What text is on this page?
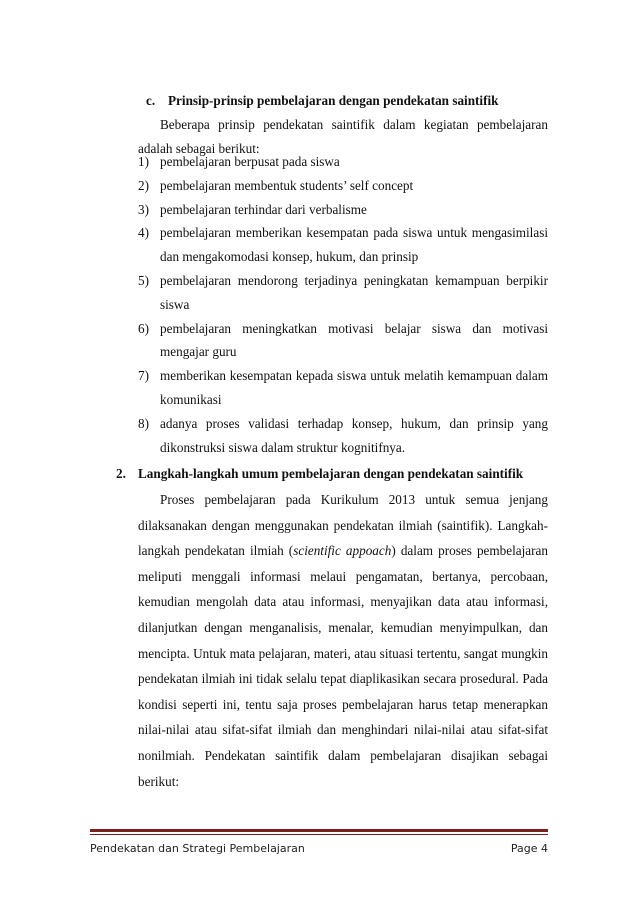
c. Prinsip-prinsip pembelajaran dengan pendekatan saintifik
Beberapa prinsip pendekatan saintifik dalam kegiatan pembelajaran adalah sebagai berikut:
1) pembelajaran berpusat pada siswa
2) pembelajaran membentuk students’ self concept
3) pembelajaran terhindar dari verbalisme
4) pembelajaran memberikan kesempatan pada siswa untuk mengasimilasi dan mengakomodasi konsep, hukum, dan prinsip
5) pembelajaran mendorong terjadinya peningkatan kemampuan berpikir siswa
6) pembelajaran meningkatkan motivasi belajar siswa dan motivasi mengajar guru
7) memberikan kesempatan kepada siswa untuk melatih kemampuan dalam komunikasi
8) adanya proses validasi terhadap konsep, hukum, dan prinsip yang dikonstruksi siswa dalam struktur kognitifnya.
2. Langkah-langkah umum pembelajaran dengan pendekatan saintifik
Proses pembelajaran pada Kurikulum 2013 untuk semua jenjang dilaksanakan dengan menggunakan pendekatan ilmiah (saintifik). Langkah-langkah pendekatan ilmiah (scientific appoach) dalam proses pembelajaran meliputi menggali informasi melaui pengamatan, bertanya, percobaan, kemudian mengolah data atau informasi, menyajikan data atau informasi, dilanjutkan dengan menganalisis, menalar, kemudian menyimpulkan, dan mencipta. Untuk mata pelajaran, materi, atau situasi tertentu, sangat mungkin pendekatan ilmiah ini tidak selalu tepat diaplikasikan secara prosedural. Pada kondisi seperti ini, tentu saja proses pembelajaran harus tetap menerapkan nilai-nilai atau sifat-sifat ilmiah dan menghindari nilai-nilai atau sifat-sifat nonilmiah. Pendekatan saintifik dalam pembelajaran disajikan sebagai berikut:
Pendekatan dan Strategi Pembelajaran	Page 4
